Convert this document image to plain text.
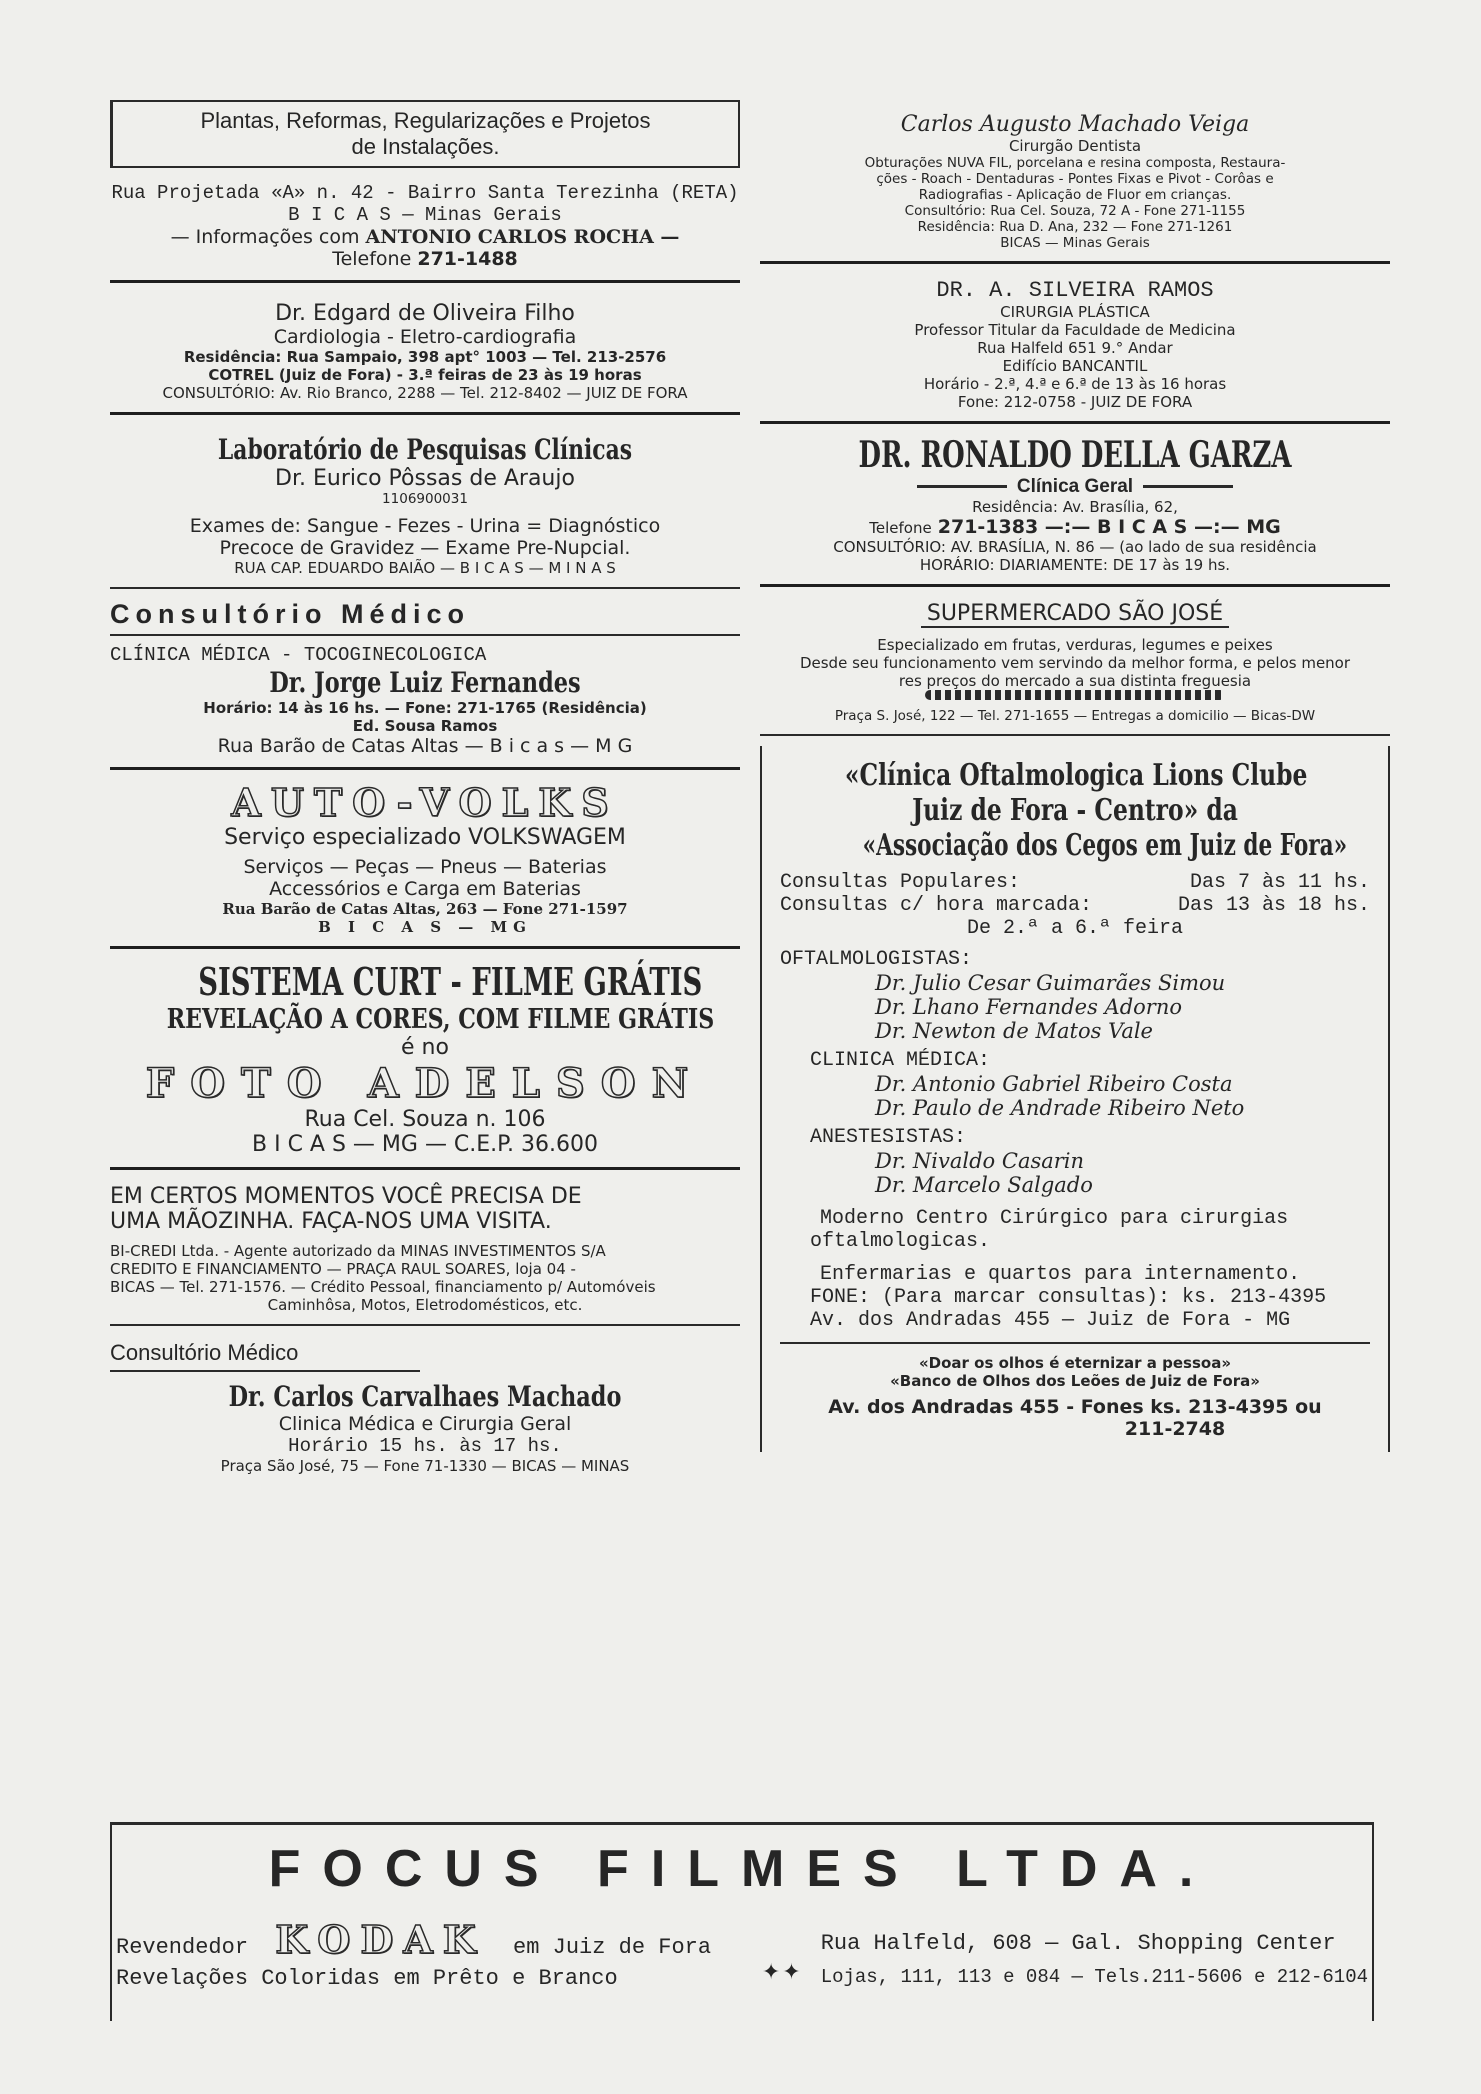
Plantas, Reformas, Regularizações e Projetos
de Instalações.
Rua Projetada «A» n. 42 - Bairro Santa Terezinha (RETA)
B I C A S — Minas Gerais
— Informações com ANTONIO CARLOS ROCHA —
Telefone 271-1488
Dr. Edgard de Oliveira Filho
Cardiologia - Eletro-cardiografia
Residência: Rua Sampaio, 398 apt° 1003 — Tel. 213-2576
COTREL (Juiz de Fora) - 3.ª feiras de 23 às 19 horas
CONSULTÓRIO: Av. Rio Branco, 2288 — Tel. 212-8402 — JUIZ DE FORA
Laboratório de Pesquisas Clínicas
Dr. Eurico Pôssas de Araujo
1106900031
Exames de: Sangue - Fezes - Urina = Diagnóstico
Precoce de Gravidez — Exame Pre-Nupcial.
RUA CAP. EDUARDO BAIÃO — B I C A S — M I N A S
Consultório Médico
CLÍNICA MÉDICA - TOCOGINECOLOGICA
Dr. Jorge Luiz Fernandes
Horário: 14 às 16 hs. — Fone: 271-1765 (Residência)
Ed. Sousa Ramos
Rua Barão de Catas Altas — B i c a s — M G
AUTO-VOLKS
Serviço especializado VOLKSWAGEM
Serviços — Peças — Pneus — Baterias
Accessórios e Carga em Baterias
Rua Barão de Catas Altas, 263 — Fone 271-1597
B I C A S — MG
SISTEMA CURT - FILME GRÁTIS
REVELAÇÃO A CORES, COM FILME GRÁTIS
é no
FOTO ADELSON
Rua Cel. Souza n. 106
B I C A S — MG — C.E.P. 36.600
EM CERTOS MOMENTOS VOCÊ PRECISA DE
UMA MÃOZINHA. FAÇA-NOS UMA VISITA.
BI-CREDI Ltda. - Agente autorizado da MINAS INVESTIMENTOS S/A
CREDITO E FINANCIAMENTO — PRAÇA RAUL SOARES, loja 04 -
BICAS — Tel. 271-1576. — Crédito Pessoal, financiamento p/ Automóveis
Caminhôsa, Motos, Eletrodomésticos, etc.
Consultório Médico
Dr. Carlos Carvalhaes Machado
Clinica Médica e Cirurgia Geral
Horário 15 hs. às 17 hs.
Praça São José, 75 — Fone 71-1330 — BICAS — MINAS
Carlos Augusto Machado Veiga
Cirurgão Dentista
Obturações NUVA FIL, porcelana e resina composta, Restaura-
ções - Roach - Dentaduras - Pontes Fixas e Pivot - Corôas e
Radiografias - Aplicação de Fluor em crianças.
Consultório: Rua Cel. Souza, 72 A - Fone 271-1155
Residência: Rua D. Ana, 232 — Fone 271-1261
BICAS — Minas Gerais
DR. A. SILVEIRA RAMOS
CIRURGIA PLÁSTICA
Professor Titular da Faculdade de Medicina
Rua Halfeld 651 9.° Andar
Edifício BANCANTIL
Horário - 2.ª, 4.ª e 6.ª de 13 às 16 horas
Fone: 212-0758 - JUIZ DE FORA
DR. RONALDO DELLA GARZA
Clínica Geral
Residência: Av. Brasília, 62,
Telefone 271-1383 —:— B I C A S —:— MG
CONSULTÓRIO: AV. BRASÍLIA, N. 86 — (ao lado de sua residência
HORÁRIO: DIARIAMENTE: DE 17 às 19 hs.
SUPERMERCADO SÃO JOSÉ
Especializado em frutas, verduras, legumes e peixes
Desde seu funcionamento vem servindo da melhor forma, e pelos menor
res preços do mercado a sua distinta freguesia
Praça S. José, 122 — Tel. 271-1655 — Entregas a domicilio — Bicas-DW
«Clínica Oftalmologica Lions Clube
Juiz de Fora - Centro» da
«Associação dos Cegos em Juiz de Fora»
Consultas Populares:	Das 7 às 11 hs.
Consultas c/ hora marcada:	Das 13 às 18 hs.
De 2.ª a 6.ª feira
OFTALMOLOGISTAS:
Dr. Julio Cesar Guimarães Simou
Dr. Lhano Fernandes Adorno
Dr. Newton de Matos Vale
CLINICA MÉDICA:
Dr. Antonio Gabriel Ribeiro Costa
Dr. Paulo de Andrade Ribeiro Neto
ANESTESISTAS:
Dr. Nivaldo Casarin
Dr. Marcelo Salgado
Moderno Centro Cirúrgico para cirurgias
oftalmologicas.
Enfermarias e quartos para internamento.
FONE: (Para marcar consultas): ks. 213-4395
Av. dos Andradas 455 — Juiz de Fora - MG
«Doar os olhos é eternizar a pessoa»
«Banco de Olhos dos Leões de Juiz de Fora»
Av. dos Andradas 455 - Fones ks. 213-4395 ou
211-2748
FOCUS FILMES LTDA.
Revendedor KODAK em Juiz de Fora
Revelações Coloridas em Prêto e Branco	✦✦
Rua Halfeld, 608 — Gal. Shopping Center
Lojas, 111, 113 e 084 — Tels.211-5606 e 212-6104
